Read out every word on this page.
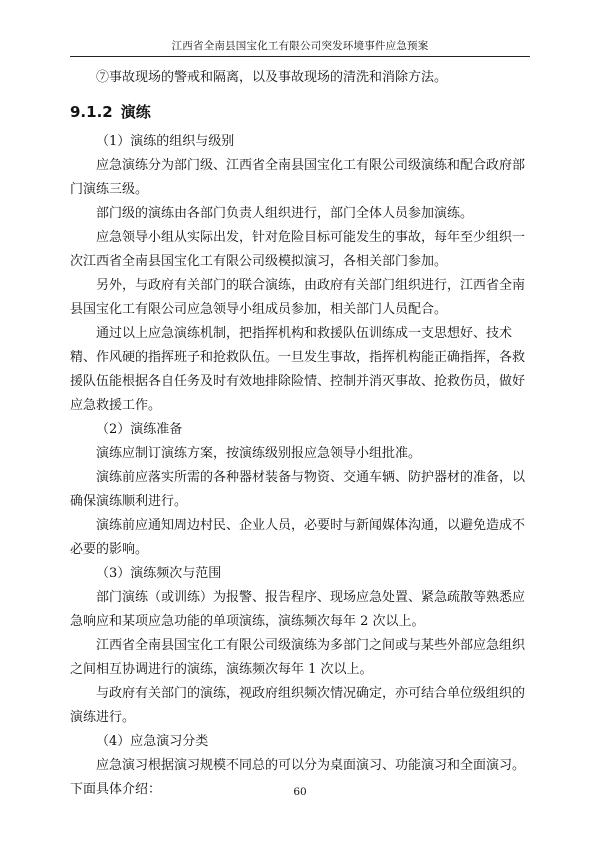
江西省全南县国宝化工有限公司突发环境事件应急预案

⑦事故现场的警戒和隔离，以及事故现场的清洗和消除方法。

9.1.2 演练

（1）演练的组织与级别

应急演练分为部门级、江西省全南县国宝化工有限公司级演练和配合政府部门演练三级。

部门级的演练由各部门负责人组织进行，部门全体人员参加演练。

应急领导小组从实际出发，针对危险目标可能发生的事故，每年至少组织一次江西省全南县国宝化工有限公司级模拟演习，各相关部门参加。

另外，与政府有关部门的联合演练，由政府有关部门组织进行，江西省全南县国宝化工有限公司应急领导小组成员参加，相关部门人员配合。

通过以上应急演练机制，把指挥机构和救援队伍训练成一支思想好、技术精、作风硬的指挥班子和抢救队伍。一旦发生事故，指挥机构能正确指挥，各救援队伍能根据各自任务及时有效地排除险情、控制并消灭事故、抢救伤员，做好应急救援工作。

（2）演练准备

演练应制订演练方案，按演练级别报应急领导小组批准。

演练前应落实所需的各种器材装备与物资、交通车辆、防护器材的准备，以确保演练顺利进行。

演练前应通知周边村民、企业人员，必要时与新闻媒体沟通，以避免造成不必要的影响。

（3）演练频次与范围

部门演练（或训练）为报警、报告程序、现场应急处置、紧急疏散等熟悉应急响应和某项应急功能的单项演练，演练频次每年 2 次以上。

江西省全南县国宝化工有限公司级演练为多部门之间或与某些外部应急组织之间相互协调进行的演练，演练频次每年 1 次以上。

与政府有关部门的演练，视政府组织频次情况确定，亦可结合单位级组织的演练进行。

（4）应急演习分类

应急演习根据演习规模不同总的可以分为桌面演习、功能演习和全面演习。下面具体介绍：	60
